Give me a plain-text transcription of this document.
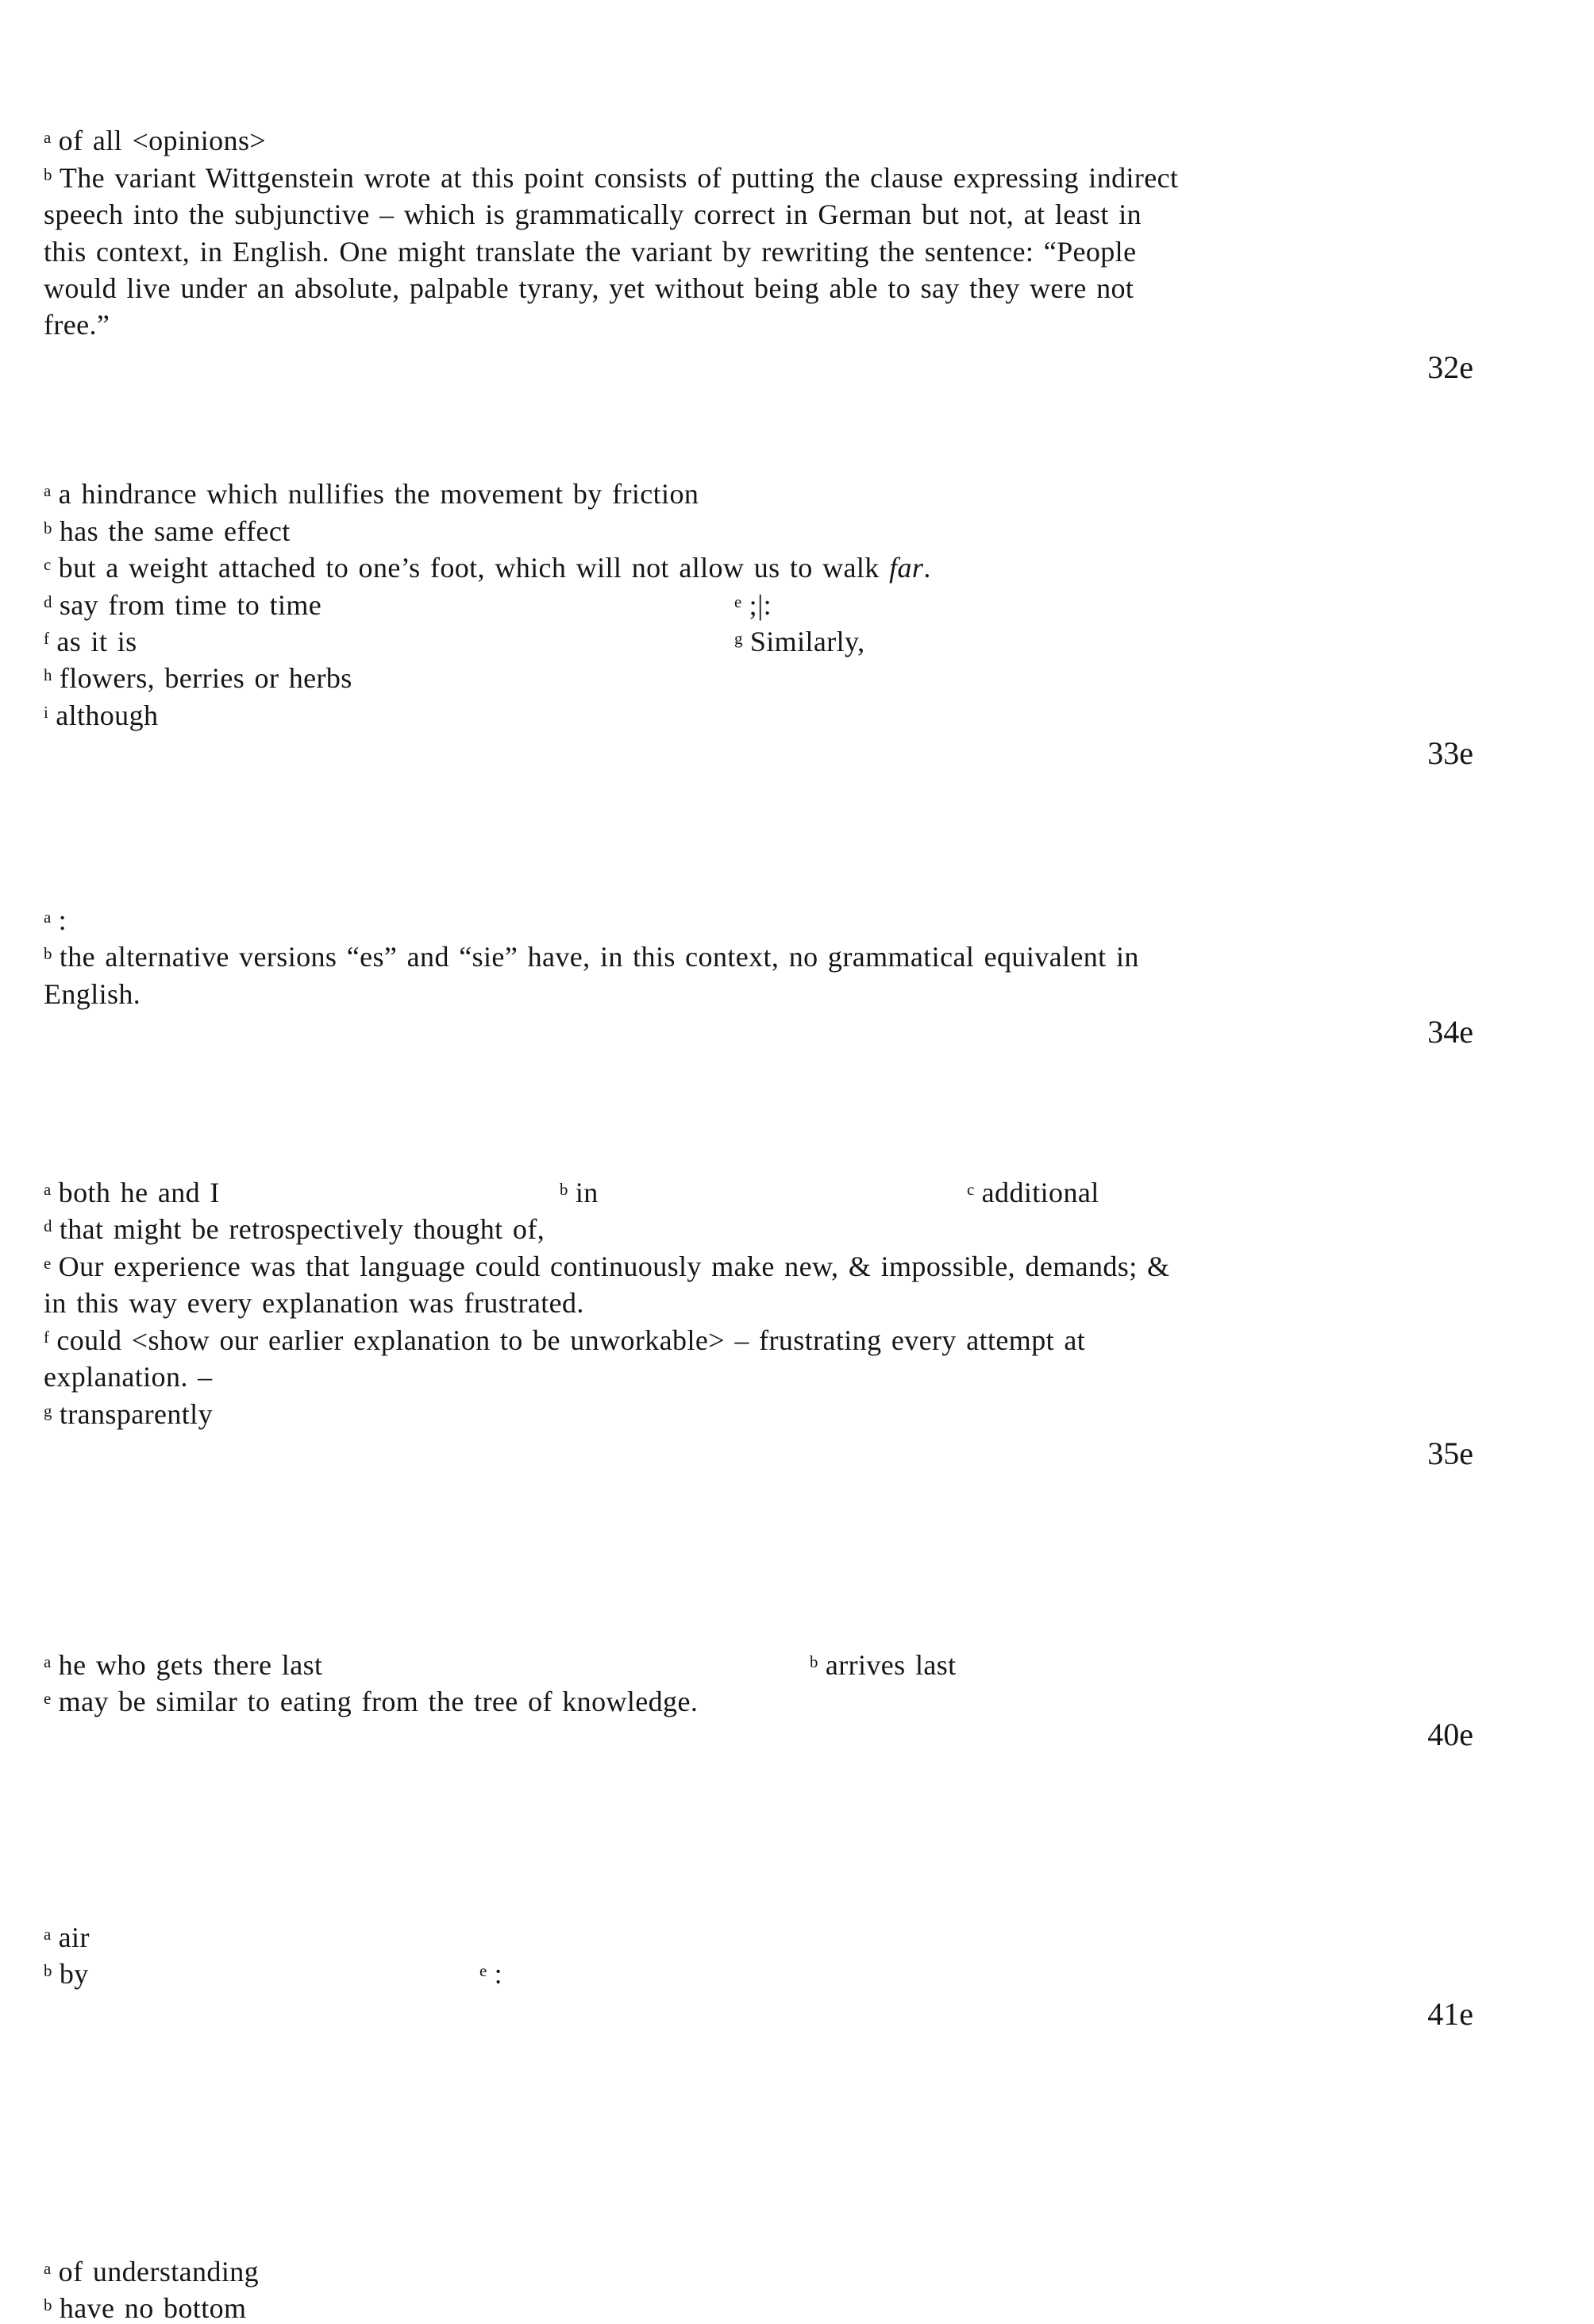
$^a$ of all <opinions>
$^b$ The variant Wittgenstein wrote at this point consists of putting the clause expressing indirect
speech into the subjunctive – which is grammatically correct in German but not, at least in
this context, in English. One might translate the variant by rewriting the sentence: “People
would live under an absolute, palpable tyrany, yet without being able to say they were not
free.”
32e
$^a$ a hindrance which nullifies the movement by friction
$^b$ has the same effect
$^c$ but a weight attached to one’s foot, which will not allow us to walk far.
$^d$ say from time to time	$^e$ ;|:
$^f$ as it is	$^g$ Similarly,
$^h$ flowers, berries or herbs
$^i$ although
33e
$^a$ :
$^b$ the alternative versions “es” and “sie” have, in this context, no grammatical equivalent in
English.
34e
$^a$ both he and I	$^b$ in	$^c$ additional
$^d$ that might be retrospectively thought of,
$^e$ Our experience was that language could continuously make new, & impossible, demands; &
in this way every explanation was frustrated.
$^f$ could <show our earlier explanation to be unworkable> – frustrating every attempt at
explanation. –
$^g$ transparently
35e
$^a$ he who gets there last	$^b$ arrives last
$^e$ may be similar to eating from the tree of knowledge.
40e
$^a$ air
$^b$ by	$^e$ :
41e
$^a$ of understanding
$^b$ have no bottom
